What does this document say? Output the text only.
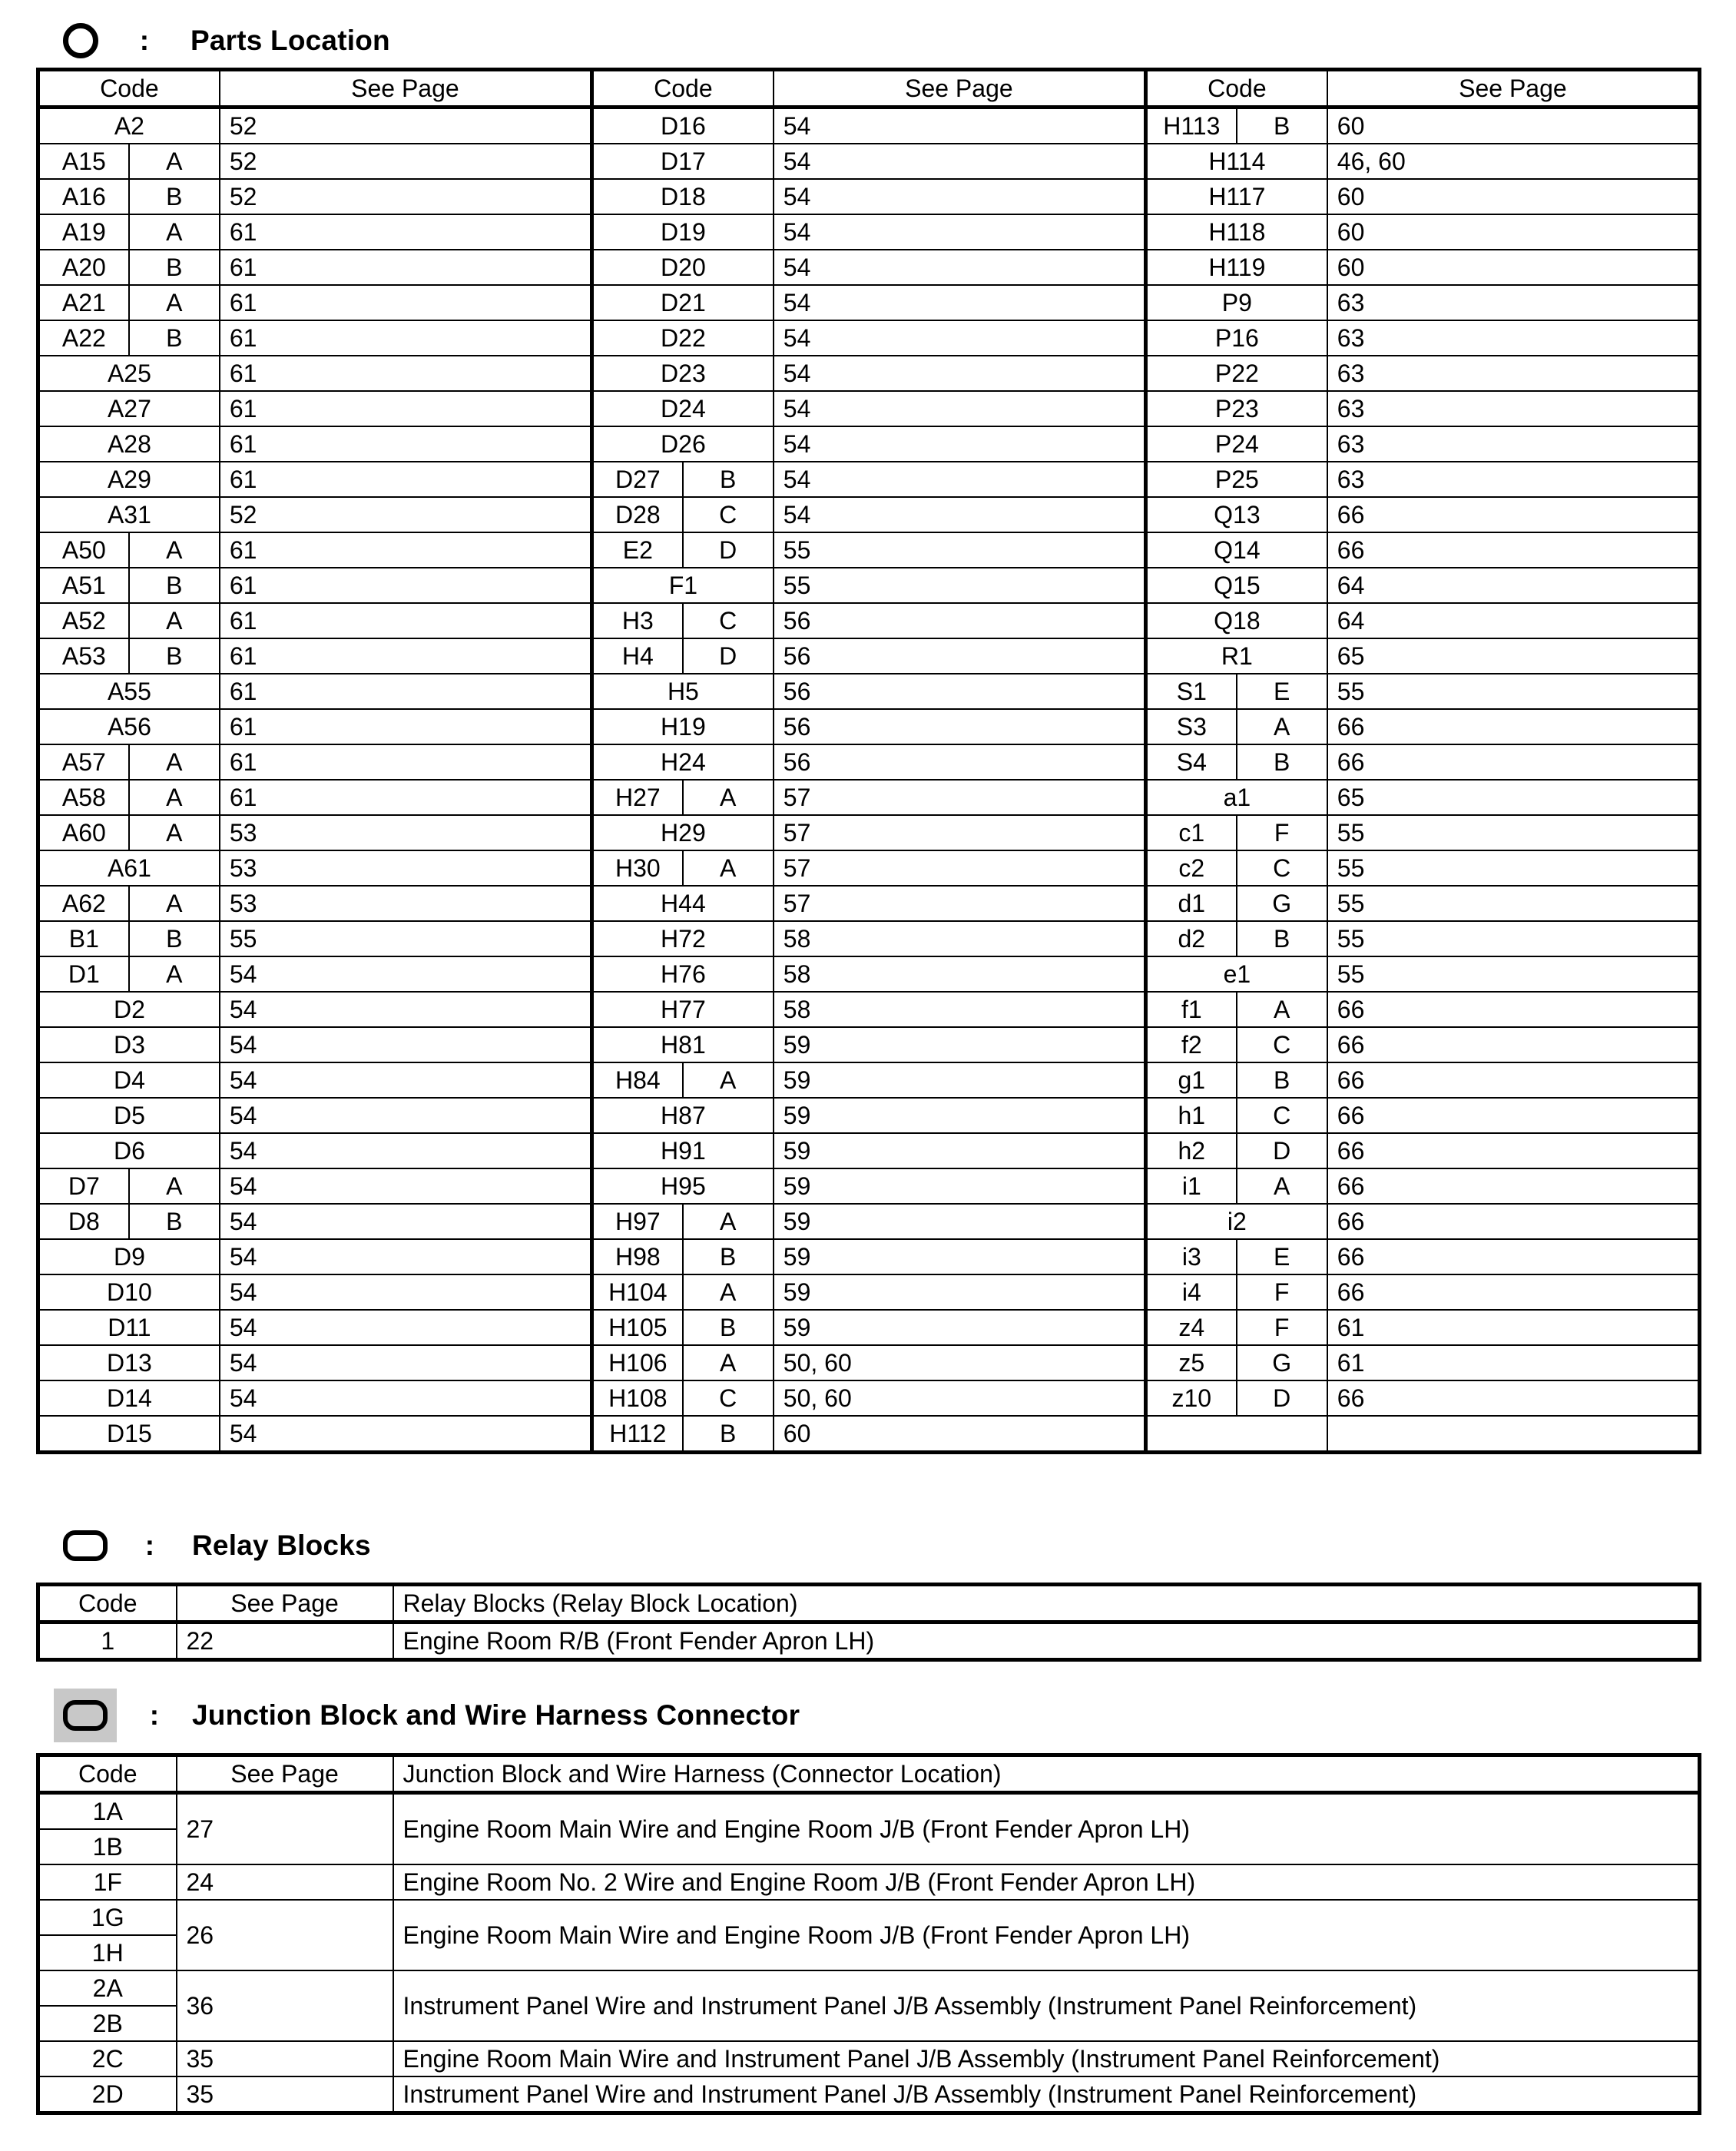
:	Parts Location
Code		See Page	Code		See Page	Code		See Page
A2		52	D16		54	H113	B	60
A15	A	52	D17		54	H114		46, 60
A16	B	52	D18		54	H117		60
A19	A	61	D19		54	H118		60
A20	B	61	D20		54	H119		60
A21	A	61	D21		54	P9		63
A22	B	61	D22		54	P16		63
A25		61	D23		54	P22		63
A27		61	D24		54	P23		63
A28		61	D26		54	P24		63
A29		61	D27	B	54	P25		63
A31		52	D28	C	54	Q13		66
A50	A	61	E2	D	55	Q14		66
A51	B	61	F1		55	Q15		64
A52	A	61	H3	C	56	Q18		64
A53	B	61	H4	D	56	R1		65
A55		61	H5		56	S1	E	55
A56		61	H19		56	S3	A	66
A57	A	61	H24		56	S4	B	66
A58	A	61	H27	A	57	a1		65
A60	A	53	H29		57	c1	F	55
A61		53	H30	A	57	c2	C	55
A62	A	53	H44		57	d1	G	55
B1	B	55	H72		58	d2	B	55
D1	A	54	H76		58	e1		55
D2		54	H77		58	f1	A	66
D3		54	H81		59	f2	C	66
D4		54	H84	A	59	g1	B	66
D5		54	H87		59	h1	C	66
D6		54	H91		59	h2	D	66
D7	A	54	H95		59	i1	A	66
D8	B	54	H97	A	59	i2		66
D9		54	H98	B	59	i3	E	66
D10		54	H104	A	59	i4	F	66
D11		54	H105	B	59	z4	F	61
D13		54	H106	A	50, 60	z5	G	61
D14		54	H108	C	50, 60	z10	D	66
D15		54	H112	B	60			
:	Relay Blocks
Code	See Page	Relay Blocks (Relay Block Location)
1	22	Engine Room R/B (Front Fender Apron LH)
:	Junction Block and Wire Harness Connector
Code	See Page	Junction Block and Wire Harness (Connector Location)
1A	27	Engine Room Main Wire and Engine Room J/B (Front Fender Apron LH)
1B		
1F	24	Engine Room No. 2 Wire and Engine Room J/B (Front Fender Apron LH)
1G	26	Engine Room Main Wire and Engine Room J/B (Front Fender Apron LH)
1H		
2A	36	Instrument Panel Wire and Instrument Panel J/B Assembly (Instrument Panel Reinforcement)
2B		
2C	35	Engine Room Main Wire and Instrument Panel J/B Assembly (Instrument Panel Reinforcement)
2D	35	Instrument Panel Wire and Instrument Panel J/B Assembly (Instrument Panel Reinforcement)
